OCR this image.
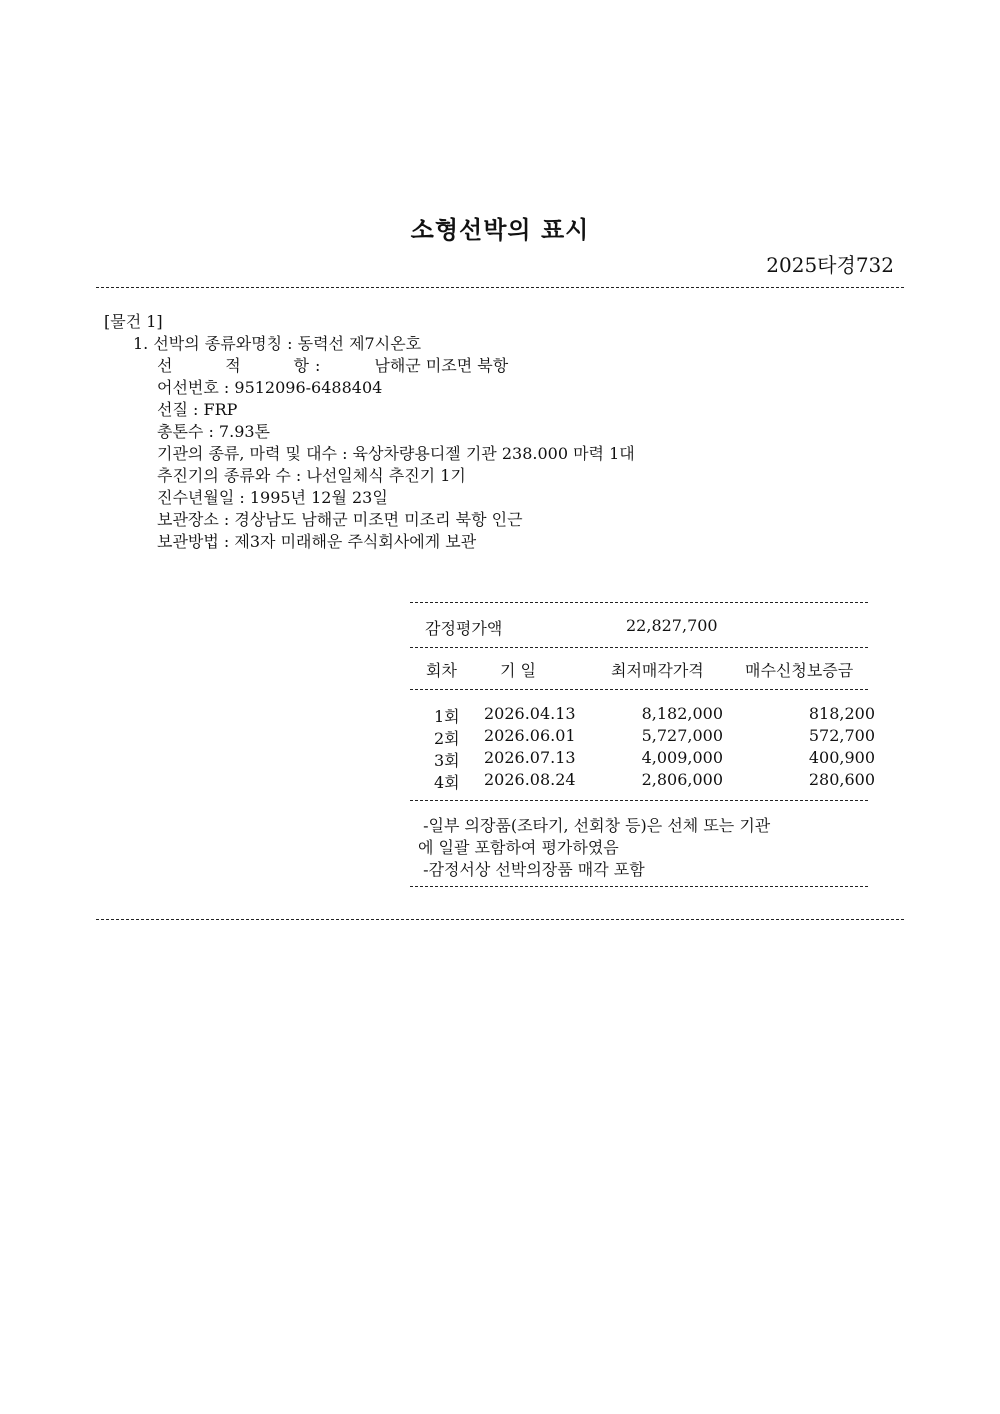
소형선박의 표시
2025타경732
[물건 1]
1. 선박의 종류와명칭 : 동력선 제7시온호
선	적	항 :	남해군 미조면 북항
어선번호 : 9512096-6488404
선질 : FRP
총톤수 : 7.93톤
기관의 종류, 마력 및 대수 : 육상차량용디젤 기관 238.000 마력 1대
추진기의 종류와 수 : 나선일체식 추진기 1기
진수년월일 : 1995년 12월 23일
보관장소 : 경상남도 남해군 미조면 미조리 북항 인근
보관방법 : 제3자 미래해운 주식회사에게 보관
감정평가액	22,827,700
회차	기 일	최저매각가격	매수신청보증금
1회 2026.04.13	8,182,000	818,200
2회 2026.06.01	5,727,000	572,700
3회 2026.07.13	4,009,000	400,900
4회 2026.08.24	2,806,000	280,600
-일부 의장품(조타기, 선회창 등)은 선체 또는 기관
에 일괄 포함하여 평가하였음
-감정서상 선박의장품 매각 포함
